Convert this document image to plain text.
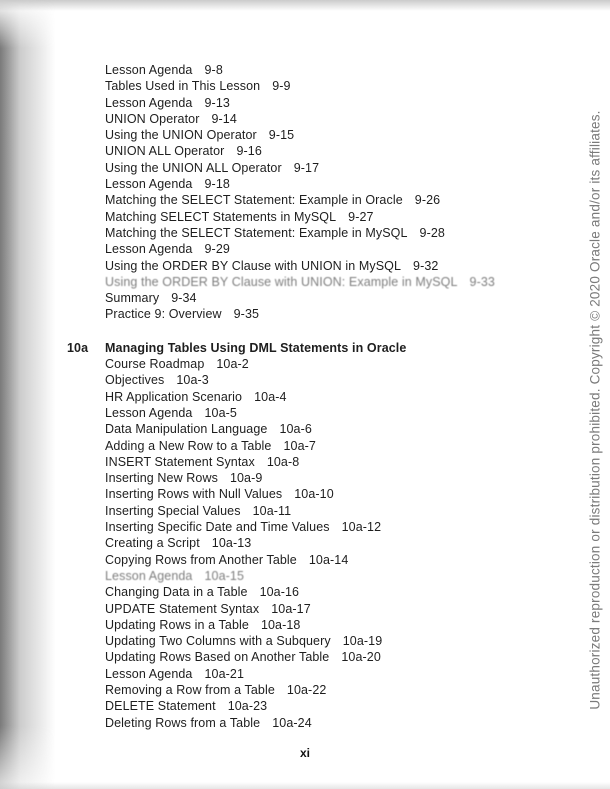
Lesson Agenda 9-8
Tables Used in This Lesson 9-9
Lesson Agenda 9-13
UNION Operator 9-14
Using the UNION Operator 9-15
UNION ALL Operator 9-16
Using the UNION ALL Operator 9-17
Lesson Agenda 9-18
Matching the SELECT Statement: Example in Oracle 9-26
Matching SELECT Statements in MySQL 9-27
Matching the SELECT Statement: Example in MySQL 9-28
Lesson Agenda 9-29
Using the ORDER BY Clause with UNION in MySQL 9-32
Using the ORDER BY Clause with UNION: Example in MySQL 9-33
Summary 9-34
Practice 9: Overview 9-35
10a	Managing Tables Using DML Statements in Oracle
Course Roadmap 10a-2
Objectives 10a-3
HR Application Scenario 10a-4
Lesson Agenda 10a-5
Data Manipulation Language 10a-6
Adding a New Row to a Table 10a-7
INSERT Statement Syntax 10a-8
Inserting New Rows 10a-9
Inserting Rows with Null Values 10a-10
Inserting Special Values 10a-11
Inserting Specific Date and Time Values 10a-12
Creating a Script 10a-13
Copying Rows from Another Table 10a-14
Lesson Agenda 10a-15
Changing Data in a Table 10a-16
UPDATE Statement Syntax 10a-17
Updating Rows in a Table 10a-18
Updating Two Columns with a Subquery 10a-19
Updating Rows Based on Another Table 10a-20
Lesson Agenda 10a-21
Removing a Row from a Table 10a-22
DELETE Statement 10a-23
Deleting Rows from a Table 10a-24
Unauthorized reproduction or distribution prohibited. Copyright © 2020 Oracle and/or its affiliates.
xi
